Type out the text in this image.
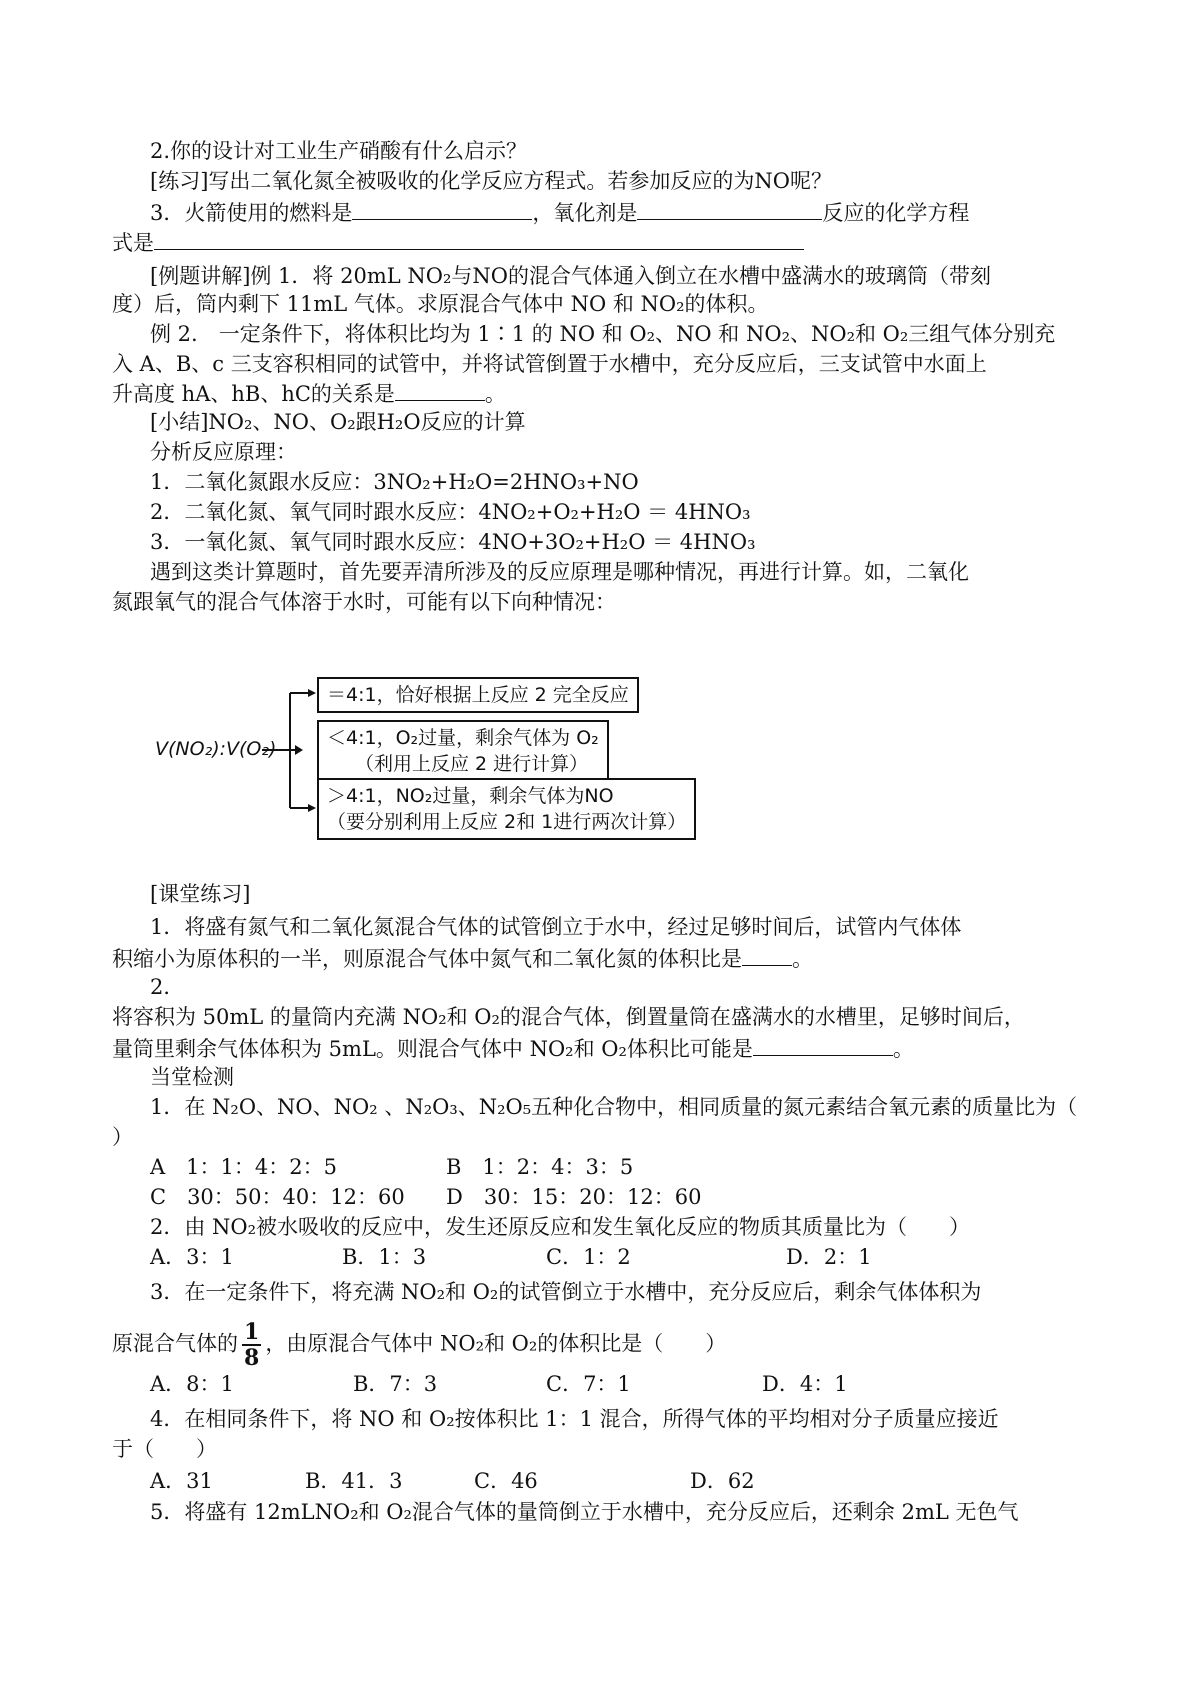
2.你的设计对工业生产硝酸有什么启示？
[练习]写出二氧化氮全被吸收的化学反应方程式。若参加反应的为NO呢？
3．火箭使用的燃料是	，氧化剂是	反应的化学方程
式是
[例题讲解]例 1．将 20mL NO₂与NO的混合气体通入倒立在水槽中盛满水的玻璃筒（带刻
度）后，筒内剩下 11mL 气体。求原混合气体中 NO 和 NO₂的体积。
例 2.　一定条件下，将体积比均为 1∶1 的 NO 和 O₂、NO 和 NO₂、NO₂和 O₂三组气体分别充
入 A、B、c 三支容积相同的试管中，并将试管倒置于水槽中，充分反应后，三支试管中水面上
升高度 hA、hB、hC的关系是	。
[小结]NO₂、NO、O₂跟H₂O反应的计算
分析反应原理：
1．二氧化氮跟水反应：3NO₂+H₂O=2HNO₃+NO
2．二氧化氮、氧气同时跟水反应：4NO₂+O₂+H₂O ＝ 4HNO₃
3．一氧化氮、氧气同时跟水反应：4NO+3O₂+H₂O ＝ 4HNO₃
遇到这类计算题时，首先要弄清所涉及的反应原理是哪种情况，再进行计算。如，二氧化
氮跟氧气的混合气体溶于水时，可能有以下向种情况：
V(NO₂):V(O₂)
＝4:1，恰好根据上反应 2 完全反应
＜4:1，O₂过量，剩余气体为 O₂
（利用上反应 2 进行计算）
＞4:1，NO₂过量，剩余气体为NO
（要分别利用上反应 2和 1进行两次计算）
[课堂练习]
1．将盛有氮气和二氧化氮混合气体的试管倒立于水中，经过足够时间后，试管内气体体
积缩小为原体积的一半，则原混合气体中氮气和二氧化氮的体积比是 。
2．
将容积为 50mL 的量筒内充满 NO₂和 O₂的混合气体，倒置量筒在盛满水的水槽里，足够时间后，
量筒里剩余气体体积为 5mL。则混合气体中 NO₂和 O₂体积比可能是	。
当堂检测
1．在 N₂O、NO、NO₂ 、N₂O₃、N₂O₅五种化合物中，相同质量的氮元素结合氧元素的质量比为（
）
A　1：1：4：2：5	B　1：2：4：3：5
C　30：50：40：12：60 D　30：15：20：12：60
2．由 NO₂被水吸收的反应中，发生还原反应和发生氧化反应的物质其质量比为（　　）
A．3：1	B．1：3	C．1：2	D．2：1
3．在一定条件下，将充满 NO₂和 O₂的试管倒立于水槽中，充分反应后，剩余气体体积为
原混合气体的 $\frac{1}{8}$ ，由原混合气体中 NO₂和 O₂的体积比是（　　）
A．8：1	B．7：3	C．7：1	D．4：1
4．在相同条件下，将 NO 和 O₂按体积比 1：1 混合，所得气体的平均相对分子质量应接近
于（　　）
A．31	B．41．3	C．46	D．62
5．将盛有 12mLNO₂和 O₂混合气体的量筒倒立于水槽中，充分反应后，还剩余 2mL 无色气
